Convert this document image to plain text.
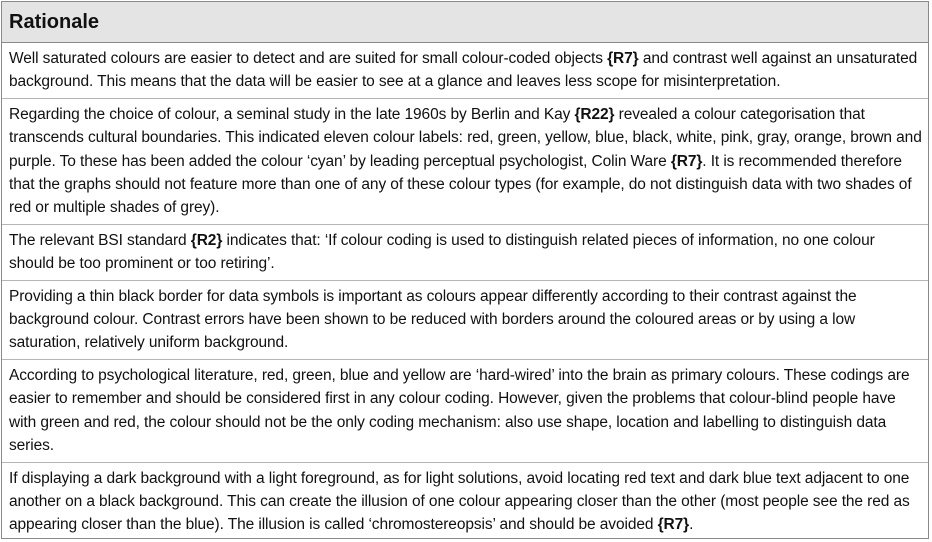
Rationale
Well saturated colours are easier to detect and are suited for small colour-coded objects {R7} and contrast well against an unsaturated background. This means that the data will be easier to see at a glance and leaves less scope for misinterpretation.
Regarding the choice of colour, a seminal study in the late 1960s by Berlin and Kay {R22} revealed a colour categorisation that transcends cultural boundaries. This indicated eleven colour labels: red, green, yellow, blue, black, white, pink, gray, orange, brown and purple. To these has been added the colour ‘cyan’ by leading perceptual psychologist, Colin Ware {R7}. It is recommended therefore that the graphs should not feature more than one of any of these colour types (for example, do not distinguish data with two shades of red or multiple shades of grey).
The relevant BSI standard {R2} indicates that: ‘If colour coding is used to distinguish related pieces of information, no one colour should be too prominent or too retiring’.
Providing a thin black border for data symbols is important as colours appear differently according to their contrast against the background colour. Contrast errors have been shown to be reduced with borders around the coloured areas or by using a low saturation, relatively uniform background.
According to psychological literature, red, green, blue and yellow are ‘hard-wired’ into the brain as primary colours. These codings are easier to remember and should be considered first in any colour coding. However, given the problems that colour-blind people have with green and red, the colour should not be the only coding mechanism: also use shape, location and labelling to distinguish data series.
If displaying a dark background with a light foreground, as for light solutions, avoid locating red text and dark blue text adjacent to one another on a black background. This can create the illusion of one colour appearing closer than the other (most people see the red as appearing closer than the blue). The illusion is called ‘chromostereopsis’ and should be avoided {R7}.
